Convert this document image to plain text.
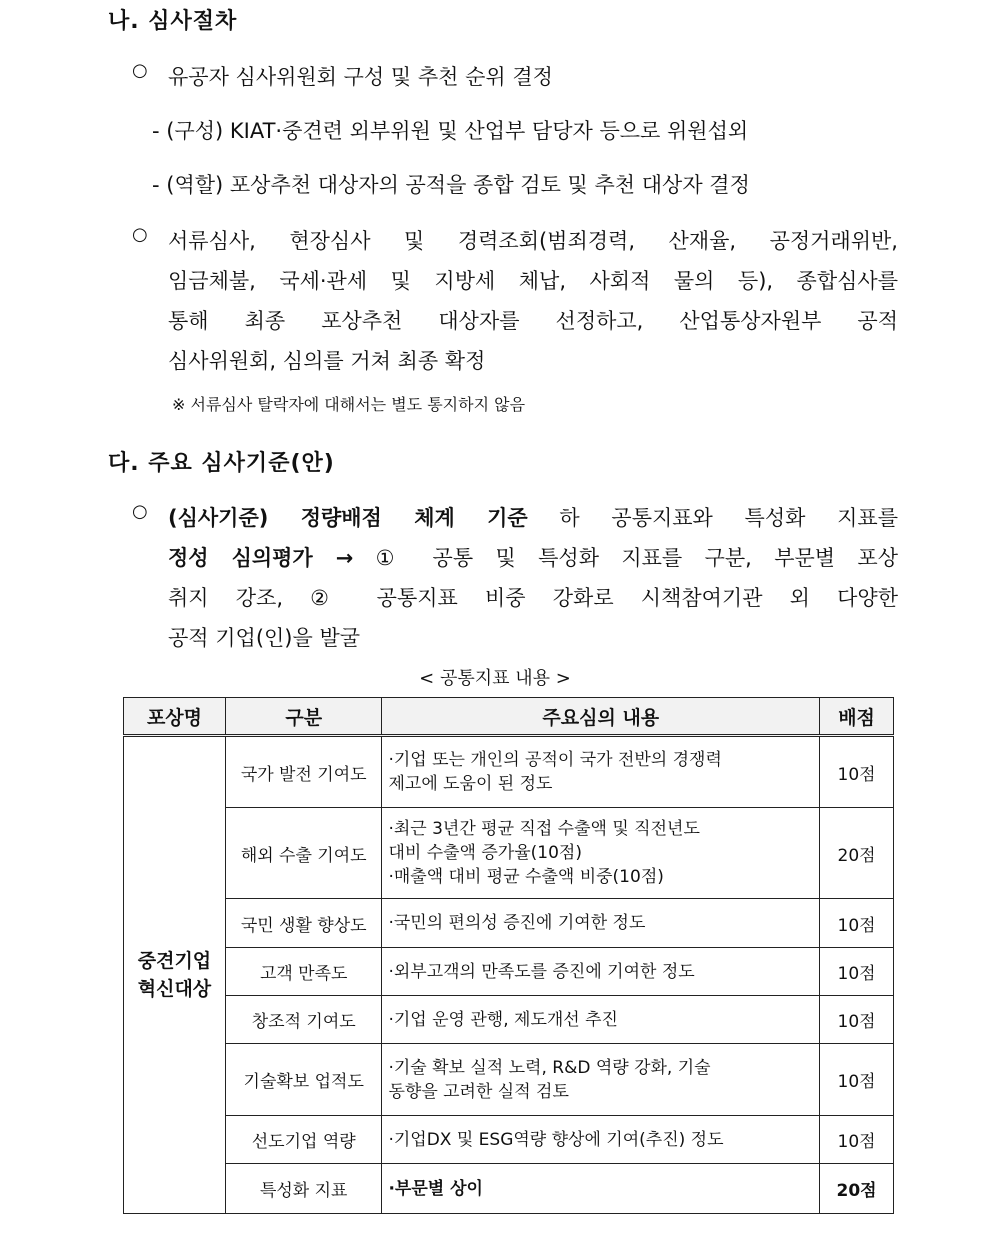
나. 심사절차
○ 유공자 심사위원회 구성 및 추천 순위 결정

- (구성) KIAT·중견련 외부위원 및 산업부 담당자 등으로 위원섭외
- (역할) 포상추천 대상자의 공적을 종합 검토 및 추천 대상자 결정
○ 서류심사, 현장심사 및 경력조회(범죄경력, 산재율, 공정거래위반,

임금체불, 국세·관세 및 지방세 체납, 사회적 물의 등), 종합심사를

통해 최종 포상추천 대상자를 선정하고, 산업통상자원부 공적

심사위원회, 심의를 거쳐 최종 확정

※ 서류심사 탈락자에 대해서는 별도 통지하지 않음
다. 주요 심사기준(안)
○ (심사기준) 정량배점 체계 기준 하 공통지표와 특성화 지표를

정성 심의평가 → ① 공통 및 특성화 지표를 구분, 부문별 포상

취지 강조, ② 공통지표 비중 강화로 시책참여기관 외 다양한

공적 기업(인)을 발굴

< 공통지표 내용 >
포상명	구분	주요심의 내용	배점

중견기업
혁신대상	국가 발전 기여도	·기업 또는 개인의 공적이 국가 전반의 경쟁력
제고에 도움이 된 정도	10점
	해외 수출 기여도	·최근 3년간 평균 직접 수출액 및 직전년도
대비 수출액 증가율(10점)
·매출액 대비 평균 수출액 비중(10점)	20점
	국민 생활 향상도	·국민의 편의성 증진에 기여한 정도	10점
	고객 만족도	·외부고객의 만족도를 증진에 기여한 정도	10점
	창조적 기여도	·기업 운영 관행, 제도개선 추진	10점
	기술확보 업적도	·기술 확보 실적 노력, R&D 역량 강화, 기술
동향을 고려한 실적 검토	10점
	선도기업 역량	·기업DX 및 ESG역량 향상에 기여(추진) 정도	10점
	특성화 지표	·부문별 상이	20점
